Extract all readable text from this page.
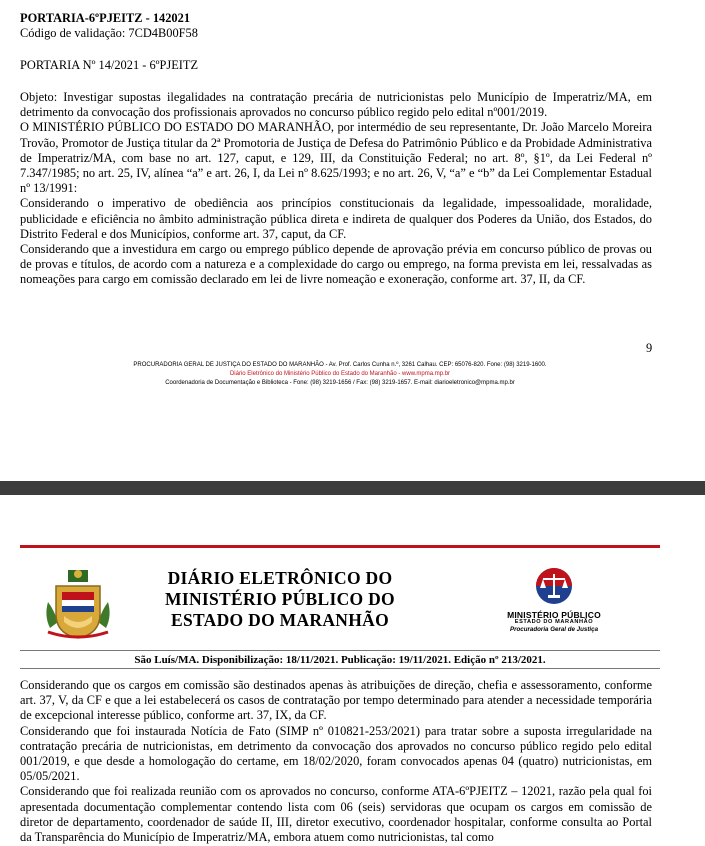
PORTARIA-6ºPJEITZ - 142021
Código de validação: 7CD4B00F58
PORTARIA Nº 14/2021 - 6ºPJEITZ

Objeto: Investigar supostas ilegalidades na contratação precária de nutricionistas pelo Município de Imperatriz/MA, em detrimento da convocação dos profissionais aprovados no concurso público regido pelo edital nº001/2019.

O MINISTÉRIO PÚBLICO DO ESTADO DO MARANHÃO, por intermédio de seu representante, Dr. João Marcelo Moreira Trovão, Promotor de Justiça titular da 2ª Promotoria de Justiça de Defesa do Patrimônio Público e da Probidade Administrativa de Imperatriz/MA, com base no art. 127, caput, e 129, III, da Constituição Federal; no art. 8º, §1º, da Lei Federal nº 7.347/1985; no art. 25, IV, alínea “a” e art. 26, I, da Lei nº 8.625/1993; e no art. 26, V, “a” e “b” da Lei Complementar Estadual nº 13/1991:

Considerando o imperativo de obediência aos princípios constitucionais da legalidade, impessoalidade, moralidade, publicidade e eficiência no âmbito administração pública direta e indireta de qualquer dos Poderes da União, dos Estados, do Distrito Federal e dos Municípios, conforme art. 37, caput, da CF.

Considerando que a investidura em cargo ou emprego público depende de aprovação prévia em concurso público de provas ou de provas e títulos, de acordo com a natureza e a complexidade do cargo ou emprego, na forma prevista em lei, ressalvadas as nomeações para cargo em comissão declarado em lei de livre nomeação e exoneração, conforme art. 37, II, da CF.

9
PROCURADORIA GERAL DE JUSTIÇA DO ESTADO DO MARANHÃO - Av. Prof. Carlos Cunha n.º, 3261 Calhau. CEP: 65076-820. Fone: (98) 3219-1600.
Diário Eletrônico do Ministério Público do Estado do Maranhão - www.mpma.mp.br
Coordenadoria de Documentação e Biblioteca - Fone: (98) 3219-1656 / Fax: (98) 3219-1657. E-mail: diarioeletronico@mpma.mp.br
DIÁRIO ELETRÔNICO DO
MINISTÉRIO PÚBLICO DO
ESTADO DO MARANHÃO	MINISTÉRIO PÚBLICO
ESTADO DO MARANHÃO
Procuradoria Geral de Justiça
São Luís/MA. Disponibilização: 18/11/2021. Publicação: 19/11/2021. Edição nº 213/2021.

Considerando que os cargos em comissão são destinados apenas às atribuições de direção, chefia e assessoramento, conforme art. 37, V, da CF e que a lei estabelecerá os casos de contratação por tempo determinado para atender a necessidade temporária de excepcional interesse público, conforme art. 37, IX, da CF.

Considerando que foi instaurada Notícia de Fato (SIMP nº 010821-253/2021) para tratar sobre a suposta irregularidade na contratação precária de nutricionistas, em detrimento da convocação dos aprovados no concurso público regido pelo edital 001/2019, e que desde a homologação do certame, em 18/02/2020, foram convocados apenas 04 (quatro) nutricionistas, em 05/05/2021.

Considerando que foi realizada reunião com os aprovados no concurso, conforme ATA-6ºPJEITZ – 12021, razão pela qual foi apresentada documentação complementar contendo lista com 06 (seis) servidoras que ocupam os cargos em comissão de diretor de departamento, coordenador de saúde II, III, diretor executivo, coordenador hospitalar, conforme consulta ao Portal da Transparência do Município de Imperatriz/MA, embora atuem como nutricionistas, tal como
